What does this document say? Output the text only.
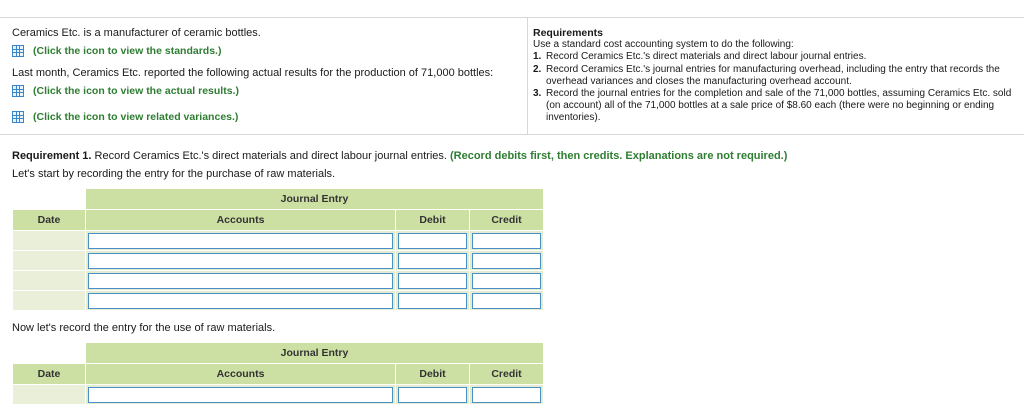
Ceramics Etc. is a manufacturer of ceramic bottles.

(Click the icon to view the standards.)

Last month, Ceramics Etc. reported the following actual results for the production of 71,000 bottles:

(Click the icon to view the actual results.)
(Click the icon to view related variances.)

Requirements

Use a standard cost accounting system to do the following:

1. Record Ceramics Etc.'s direct materials and direct labour journal entries.
2. Record Ceramics Etc.'s journal entries for manufacturing overhead, including the entry that records the
overhead variances and closes the manufacturing overhead account.
3. Record the journal entries for the completion and sale of the 71,000 bottles, assuming Ceramics Etc. sold
(on account) all of the 71,000 bottles at a sale price of $8.60 each (there were no beginning or ending
inventories).

Requirement 1. Record Ceramics Etc.'s direct materials and direct labour journal entries. (Record debits first, then credits. Explanations are not required.)

Let's start by recording the entry for the purchase of raw materials.

	Journal Entry		
Date	Accounts	Debit	Credit

Now let's record the entry for the use of raw materials.

	Journal Entry		
Date	Accounts	Debit	Credit
